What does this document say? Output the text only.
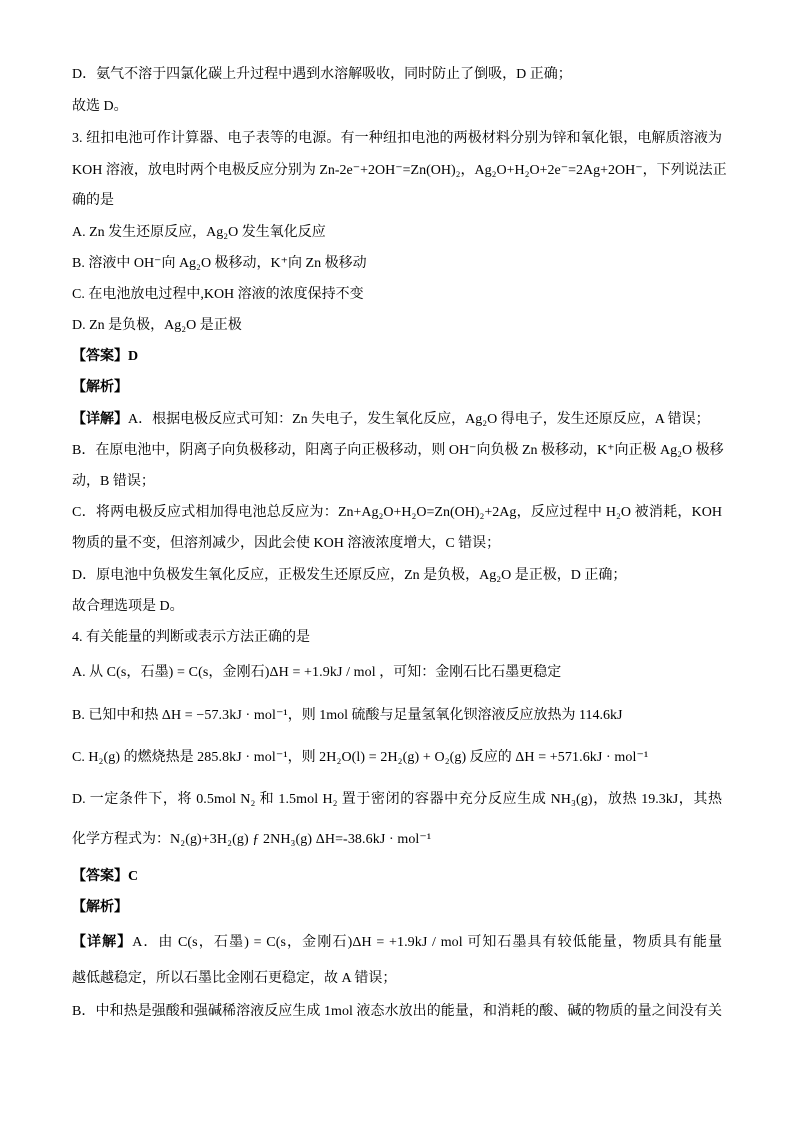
D．氨气不溶于四氯化碳上升过程中遇到水溶解吸收，同时防止了倒吸，D 正确；
故选 D。
3. 纽扣电池可作计算器、电子表等的电源。有一种纽扣电池的两极材料分别为锌和氧化银，电解质溶液为
KOH 溶液，放电时两个电极反应分别为 Zn-2e⁻+2OH⁻=Zn(OH)₂，Ag₂O+H₂O+2e⁻=2Ag+2OH⁻，下列说法正
确的是
A. Zn 发生还原反应，Ag₂O 发生氧化反应
B. 溶液中 OH⁻向 Ag₂O 极移动，K⁺向 Zn 极移动
C. 在电池放电过程中,KOH 溶液的浓度保持不变
D. Zn 是负极，Ag₂O 是正极
【答案】D
【解析】
【详解】A．根据电极反应式可知：Zn 失电子，发生氧化反应，Ag₂O 得电子，发生还原反应，A 错误；
B．在原电池中，阴离子向负极移动，阳离子向正极移动，则 OH⁻向负极 Zn 极移动，K⁺向正极 Ag₂O 极移
动，B 错误；
C．将两电极反应式相加得电池总反应为：Zn+Ag₂O+H₂O=Zn(OH)₂+2Ag，反应过程中 H₂O 被消耗，KOH
物质的量不变，但溶剂减少，因此会使 KOH 溶液浓度增大，C 错误；
D．原电池中负极发生氧化反应，正极发生还原反应，Zn 是负极，Ag₂O 是正极，D 正确；
故合理选项是 D。
4. 有关能量的判断或表示方法正确的是
A. 从 C(s，石墨) = C(s，金刚石)ΔH = +1.9kJ / mol ，可知：金刚石比石墨更稳定
B. 已知中和热 ΔH = −57.3kJ · mol⁻¹，则 1mol 硫酸与足量氢氧化钡溶液反应放热为 114.6kJ
C. H₂(g) 的燃烧热是 285.8kJ · mol⁻¹，则 2H₂O(l) = 2H₂(g) + O₂(g) 反应的 ΔH = +571.6kJ · mol⁻¹
D. 一定条件下，将 0.5mol N₂ 和 1.5mol H₂ 置于密闭的容器中充分反应生成 NH₃(g)，放热 19.3kJ，其热
化学方程式为：N₂(g)+3H₂(g) ƒ 2NH₃(g) ΔH=-38.6kJ · mol⁻¹
【答案】C
【解析】
【详解】A．由 C(s，石墨) = C(s，金刚石)ΔH = +1.9kJ / mol 可知石墨具有较低能量，物质具有能量
越低越稳定，所以石墨比金刚石更稳定，故 A 错误；
B．中和热是强酸和强碱稀溶液反应生成 1mol 液态水放出的能量，和消耗的酸、碱的物质的量之间没有关
